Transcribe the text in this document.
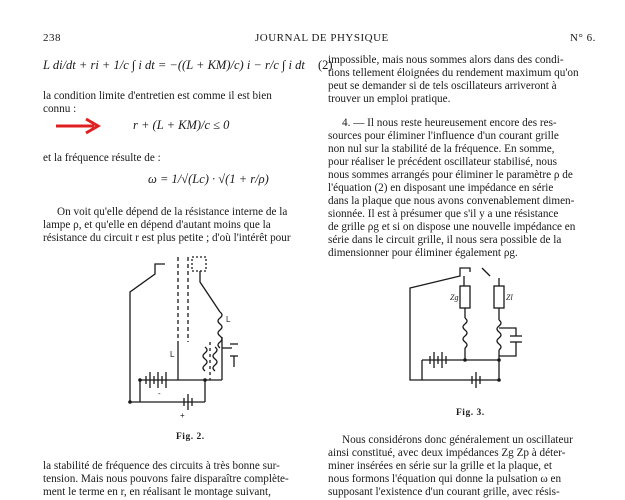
238	JOURNAL DE PHYSIQUE	N° 6.
L di/dt + ri + 1/c ∫ i dt = −((L + KM)/c) i − r/c ∫ i dt (2)
la condition limite d'entretien est comme il est bien
connu :
r + (L + KM)/c ≤ 0
et la fréquence résulte de :
ω = 1/√(Lc) · √(1 + r/ρ)
On voit qu'elle dépend de la résistance interne de la
lampe ρ, et qu'elle en dépend d'autant moins que la
résistance du circuit r est plus petite ; d'où l'intérêt pour
L
L
-
+
Fig. 2.
la stabilité de fréquence des circuits à très bonne sur-
tension. Mais nous pouvons faire disparaître complète-
ment le terme en r, en réalisant le montage suivant,
impossible, mais nous sommes alors dans des condi-
tions tellement éloignées du rendement maximum qu'on
peut se demander si de tels oscillateurs arriveront à
trouver un emploi pratique.
4. — Il nous reste heureusement encore des res-
sources pour éliminer l'influence d'un courant grille
non nul sur la stabilité de la fréquence. En somme,
pour réaliser le précédent oscillateur stabilisé, nous
nous sommes arrangés pour éliminer le paramètre ρ de
l'équation (2) en disposant une impédance en série
dans la plaque que nous avons convenablement dimen-
sionnée. Il est à présumer que s'il y a une résistance
de grille ρg et si on dispose une nouvelle impédance en
série dans le circuit grille, il nous sera possible de la
dimensionner pour éliminer également ρg.
Zg	Zl
Fig. 3.
Nous considérons donc généralement un oscillateur
ainsi constitué, avec deux impédances Zg Zp à déter-
miner insérées en série sur la grille et la plaque, et
nous formons l'équation qui donne la pulsation ω en
supposant l'existence d'un courant grille, avec résis-
